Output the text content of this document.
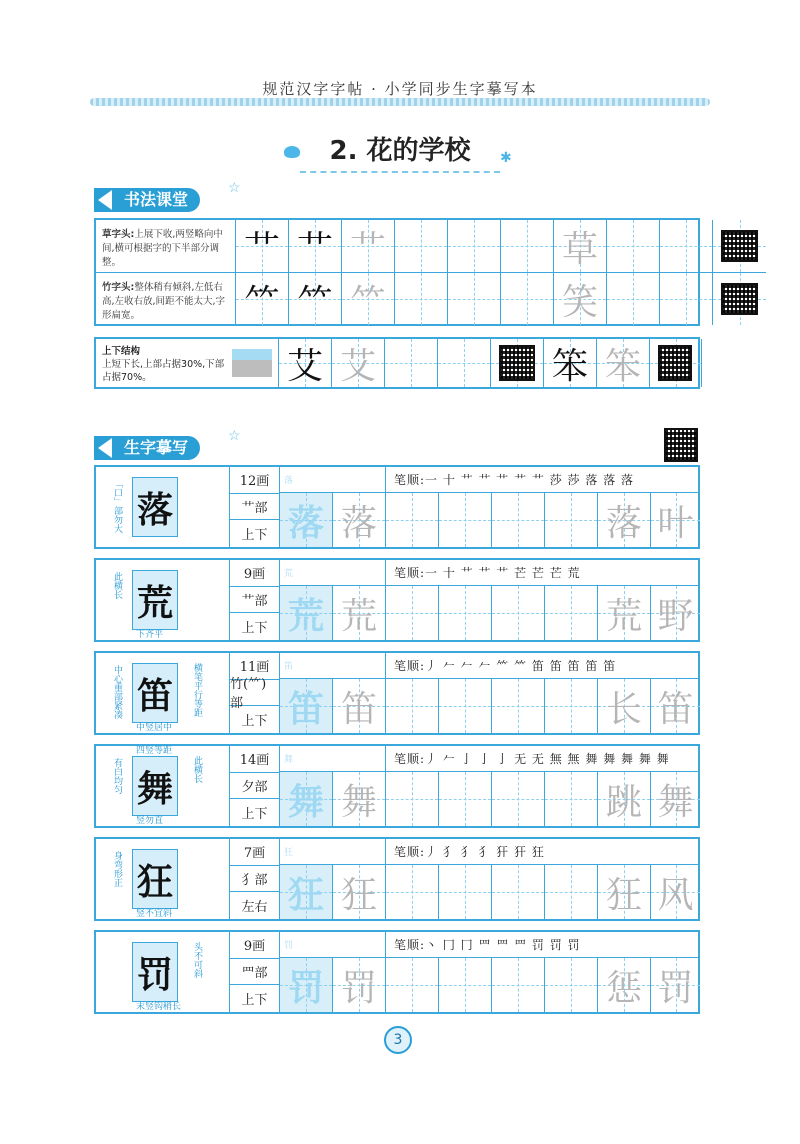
规范汉字字帖 · 小学同步生字摹写本
2. 花的学校	✱
书法课堂
☆
草字头:上展下收,两竖略向中间,横可根据字的下半部分调整。
竹字头:整体稍有倾斜,左低右高,左收右放,间距不能太大,字形扁宽。
艹 艹 艹	草
⺮ ⺮ ⺮	笑
上下结构
上短下长,上部占据30%,下部占据70%。	艾 艾	笨 笨
生字摹写
☆
落
「口」部勿大	12画
艹部
上下
落	笔顺:一 十 艹 艹 艹 艹 艹 莎 莎 落 落 落
落 落	落 叶
荒
此横长
下齐平
9画
艹部
上下
荒	笔顺:一 十 艹 艹 艹 芒 芒 芒 荒
荒 荒	荒 野
笛
中心重部紧凑	横笔平行等距
中竖居中
11画
竹(⺮)部
上下
笛	笔顺:丿 𠂉 𠂉 𠂉 ⺮ ⺮ 笛 笛 笛 笛 笛
笛 笛	长 笛
舞
有白均匀	此横长
四竖等距
竖勿直
14画
夕部
上下
舞	笔顺:丿 𠂉 ⼅ ⼅ ⼅ 无 无 無 無 舞 舞 舞 舞 舞
舞 舞	跳 舞
狂
身弯形正
竖不宜斜
7画
犭部
左右
狂	笔顺:丿 犭 犭 犭 犴 犴 狂
狂 狂	狂 风
罚	头不可斜
末竖钩稍长
9画
罒部
上下
罚	笔顺:丶 冂 冂 罒 罒 罒 罚 罚 罚
罚 罚	惩 罚
3
